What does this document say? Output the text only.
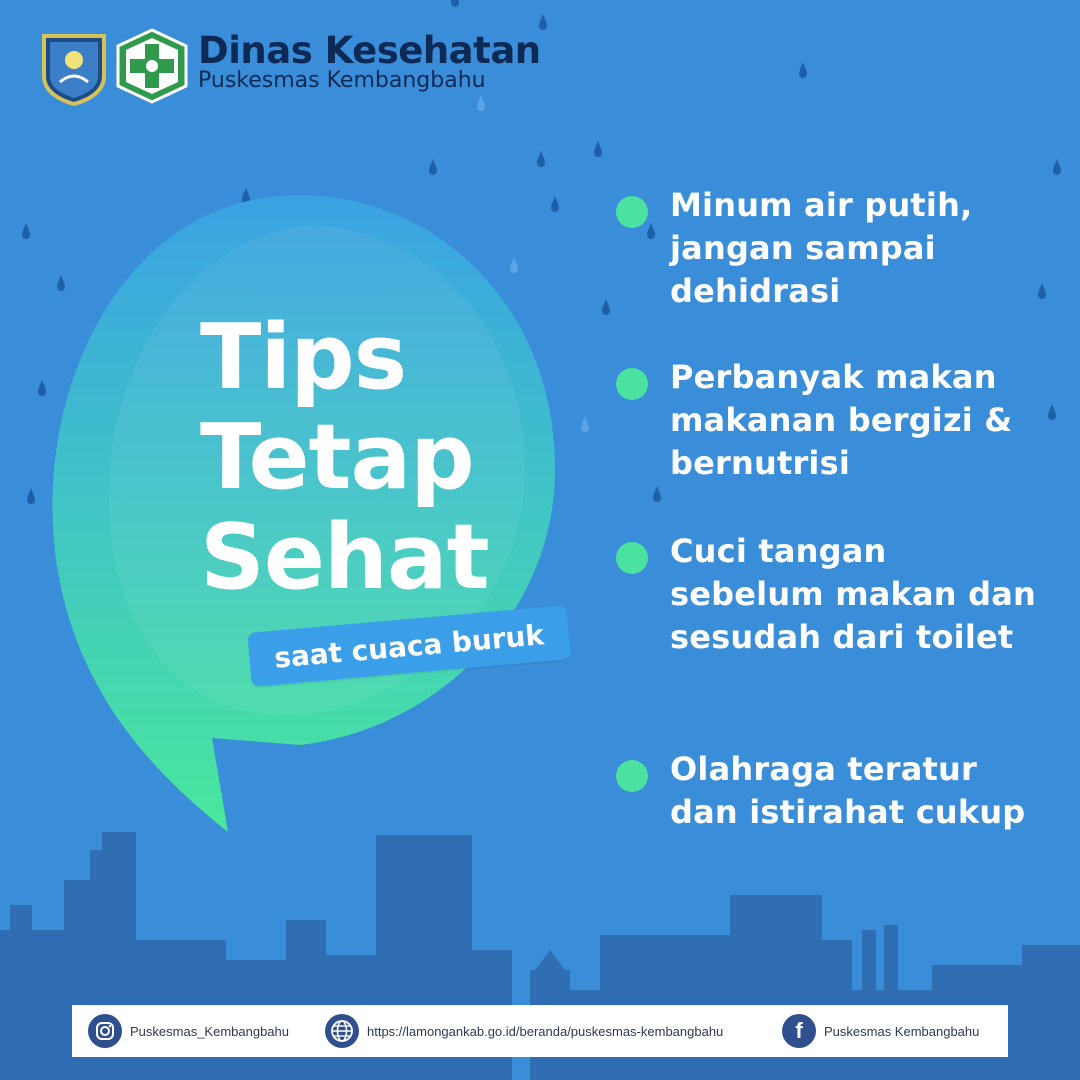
Dinas Kesehatan
Puskesmas Kembangbahu
Tips
Tetap
Sehat
saat cuaca buruk
Minum air putih, jangan sampai dehidrasi
Perbanyak makan makanan bergizi & bernutrisi
Cuci tangan sebelum makan dan sesudah dari toilet
Olahraga teratur dan istirahat cukup
Puskesmas_Kembangbahu	https://lamongankab.go.id/beranda/puskesmas-kembangbahu	f Puskesmas Kembangbahu
